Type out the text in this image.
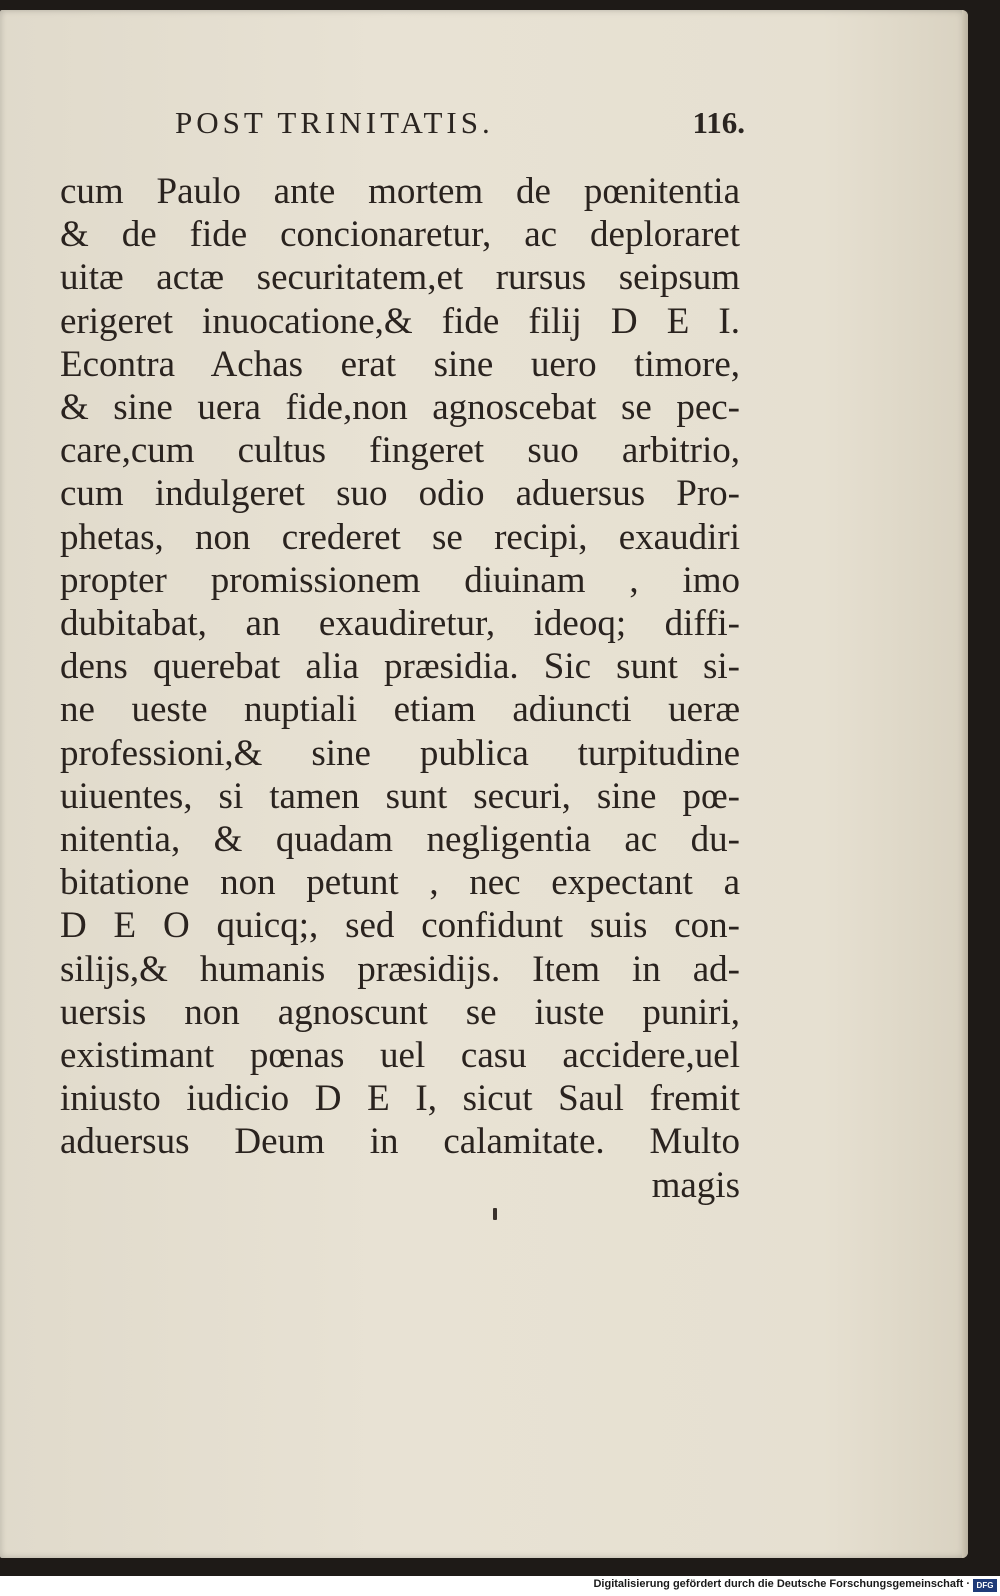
POST TRINITATIS.	116.
cum Paulo ante mortem de pœnitentia
& de fide concionaretur, ac deploraret
uitæ actæ securitatem,et rursus seipsum
erigeret inuocatione,& fide filij D E I.
Econtra Achas erat sine uero timore,
& sine uera fide,non agnoscebat se pec-
care,cum cultus fingeret suo arbitrio,
cum indulgeret suo odio aduersus Pro-
phetas, non crederet se recipi, exaudiri
propter promissionem diuinam , imo
dubitabat, an exaudiretur, ideoq; diffi-
dens querebat alia præsidia. Sic sunt si-
ne ueste nuptiali etiam adiuncti ueræ
professioni,& sine publica turpitudine
uiuentes, si tamen sunt securi, sine pœ-
nitentia, & quadam negligentia ac du-
bitatione non petunt , nec expectant a
D E O quicq;, sed confidunt suis con-
silijs,& humanis præsidijs. Item in ad-
uersis non agnoscunt se iuste puniri,
existimant pœnas uel casu accidere,uel
iniusto iudicio D E I, sicut Saul fremit
aduersus Deum in calamitate. Multo
magis
Digitalisierung gefördert durch die Deutsche Forschungsgemeinschaft · DFG
